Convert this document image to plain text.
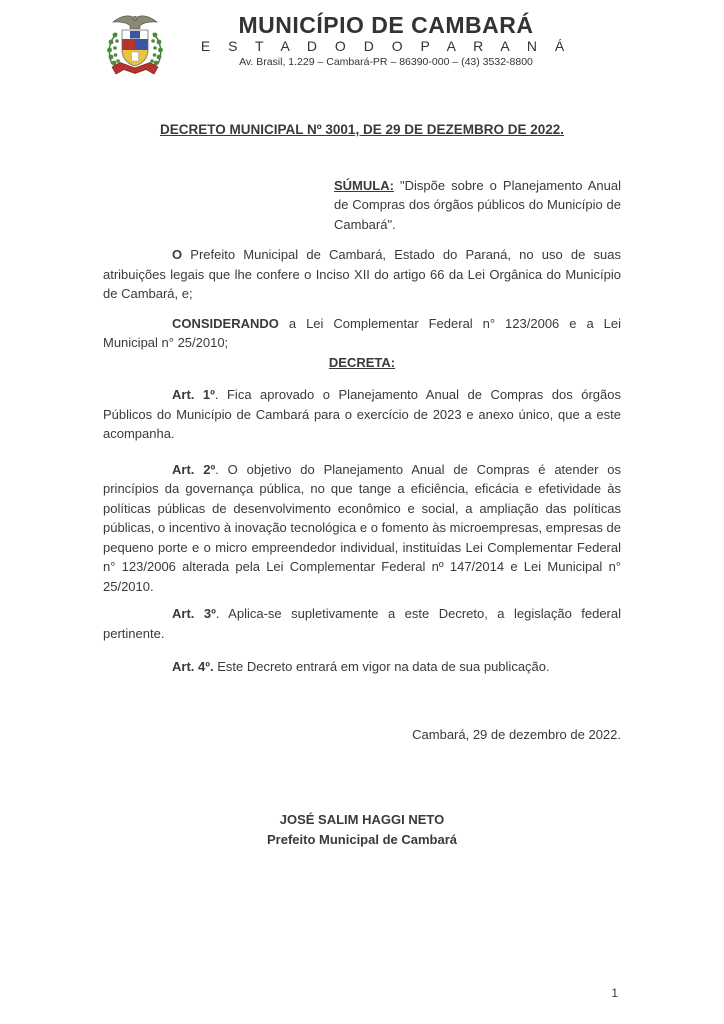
MUNICÍPIO DE CAMBARÁ
E S T A D O D O P A R A N Á
Av. Brasil, 1.229 – Cambará-PR – 86390-000 – (43) 3532-8800
DECRETO MUNICIPAL Nº 3001, DE 29 DE DEZEMBRO DE 2022.

SÚMULA: "Dispõe sobre o Planejamento Anual de Compras dos órgãos públicos do Município de Cambará".

O Prefeito Municipal de Cambará, Estado do Paraná, no uso de suas atribuições legais que lhe confere o Inciso XII do artigo 66 da Lei Orgânica do Município de Cambará, e;

CONSIDERANDO a Lei Complementar Federal n° 123/2006 e a Lei Municipal n° 25/2010;

DECRETA:

Art. 1º. Fica aprovado o Planejamento Anual de Compras dos órgãos Públicos do Município de Cambará para o exercício de 2023 e anexo único, que a este acompanha.

Art. 2º. O objetivo do Planejamento Anual de Compras é atender os princípios da governança pública, no que tange a eficiência, eficácia e efetividade às políticas públicas de desenvolvimento econômico e social, a ampliação das políticas públicas, o incentivo à inovação tecnológica e o fomento às microempresas, empresas de pequeno porte e o micro empreendedor individual, instituídas Lei Complementar Federal n° 123/2006 alterada pela Lei Complementar Federal nº 147/2014 e Lei Municipal n° 25/2010.

Art. 3º. Aplica-se supletivamente a este Decreto, a legislação federal pertinente.

Art. 4º. Este Decreto entrará em vigor na data de sua publicação.

Cambará, 29 de dezembro de 2022.
JOSÉ SALIM HAGGI NETO
Prefeito Municipal de Cambará
1
